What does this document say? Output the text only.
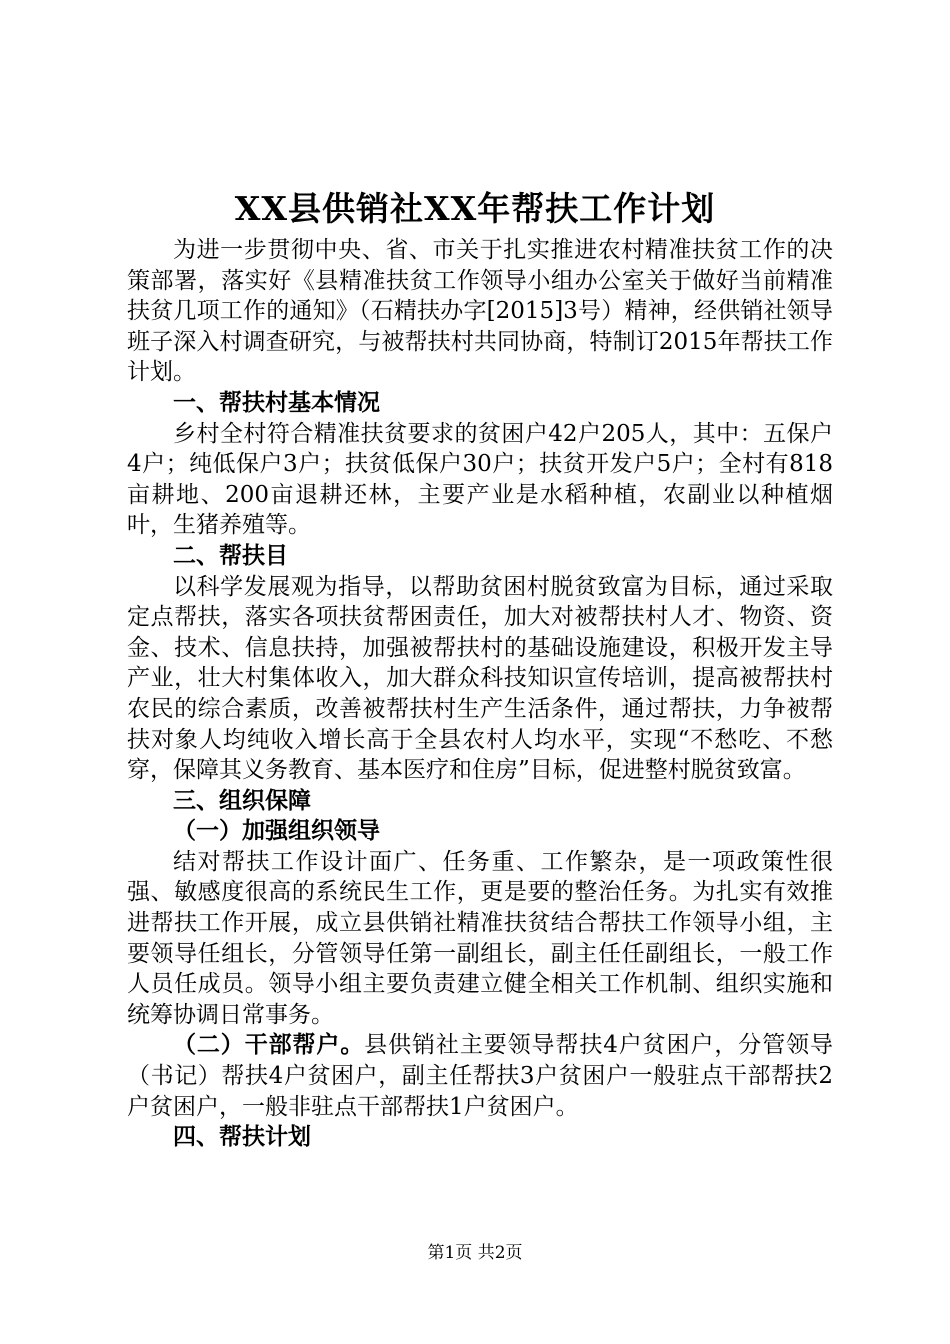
XX县供销社XX年帮扶工作计划

为进一步贯彻中央、省、市关于扎实推进农村精准扶贫工作的决策部署，落实好《县精准扶贫工作领导小组办公室关于做好当前精准扶贫几项工作的通知》（石精扶办字[2015]3号）精神，经供销社领导班子深入村调查研究，与被帮扶村共同协商，特制订2015年帮扶工作计划。

一、帮扶村基本情况

乡村全村符合精准扶贫要求的贫困户42户205人，其中：五保户4户；纯低保户3户；扶贫低保户30户；扶贫开发户5户；全村有818亩耕地、200亩退耕还林，主要产业是水稻种植，农副业以种植烟叶，生猪养殖等。

二、帮扶目

以科学发展观为指导，以帮助贫困村脱贫致富为目标，通过采取定点帮扶，落实各项扶贫帮困责任，加大对被帮扶村人才、物资、资金、技术、信息扶持，加强被帮扶村的基础设施建设，积极开发主导产业，壮大村集体收入，加大群众科技知识宣传培训，提高被帮扶村农民的综合素质，改善被帮扶村生产生活条件，通过帮扶，力争被帮扶对象人均纯收入增长高于全县农村人均水平，实现“不愁吃、不愁穿，保障其义务教育、基本医疗和住房”目标，促进整村脱贫致富。

三、组织保障
（一）加强组织领导

结对帮扶工作设计面广、任务重、工作繁杂，是一项政策性很强、敏感度很高的系统民生工作，更是要的整治任务。为扎实有效推进帮扶工作开展，成立县供销社精准扶贫结合帮扶工作领导小组，主要领导任组长，分管领导任第一副组长，副主任任副组长，一般工作人员任成员。领导小组主要负责建立健全相关工作机制、组织实施和统筹协调日常事务。

（二）干部帮户。县供销社主要领导帮扶4户贫困户，分管领导（书记）帮扶4户贫困户，副主任帮扶3户贫困户一般驻点干部帮扶2户贫困户，一般非驻点干部帮扶1户贫困户。

四、帮扶计划
第1页 共2页
